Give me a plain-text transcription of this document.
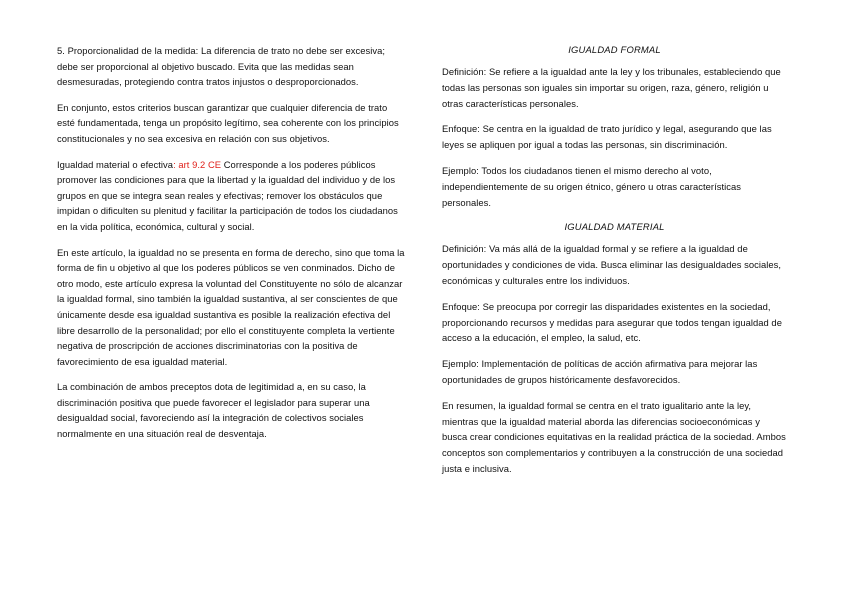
5. Proporcionalidad de la medida: La diferencia de trato no debe ser excesiva; debe ser proporcional al objetivo buscado. Evita que las medidas sean desmesuradas, protegiendo contra tratos injustos o desproporcionados.

En conjunto, estos criterios buscan garantizar que cualquier diferencia de trato esté fundamentada, tenga un propósito legítimo, sea coherente con los principios constitucionales y no sea excesiva en relación con sus objetivos.

Igualdad material o efectiva: art 9.2 CE Corresponde a los poderes públicos promover las condiciones para que la libertad y la igualdad del individuo y de los grupos en que se integra sean reales y efectivas; remover los obstáculos que impidan o dificulten su plenitud y facilitar la participación de todos los ciudadanos en la vida política, económica, cultural y social.

En este artículo, la igualdad no se presenta en forma de derecho, sino que toma la forma de fin u objetivo al que los poderes públicos se ven conminados. Dicho de otro modo, este artículo expresa la voluntad del Constituyente no sólo de alcanzar la igualdad formal, sino también la igualdad sustantiva, al ser conscientes de que únicamente desde esa igualdad sustantiva es posible la realización efectiva del libre desarrollo de la personalidad; por ello el constituyente completa la vertiente negativa de proscripción de acciones discriminatorias con la positiva de favorecimiento de esa igualdad material.

La combinación de ambos preceptos dota de legitimidad a, en su caso, la discriminación positiva que puede favorecer el legislador para superar una desigualdad social, favoreciendo así la integración de colectivos sociales normalmente en una situación real de desventaja.

IGUALDAD FORMAL

Definición: Se refiere a la igualdad ante la ley y los tribunales, estableciendo que todas las personas son iguales sin importar su origen, raza, género, religión u otras características personales.

Enfoque: Se centra en la igualdad de trato jurídico y legal, asegurando que las leyes se apliquen por igual a todas las personas, sin discriminación.

Ejemplo: Todos los ciudadanos tienen el mismo derecho al voto, independientemente de su origen étnico, género u otras características personales.

IGUALDAD MATERIAL

Definición: Va más allá de la igualdad formal y se refiere a la igualdad de oportunidades y condiciones de vida. Busca eliminar las desigualdades sociales, económicas y culturales entre los individuos.

Enfoque: Se preocupa por corregir las disparidades existentes en la sociedad, proporcionando recursos y medidas para asegurar que todos tengan igualdad de acceso a la educación, el empleo, la salud, etc.

Ejemplo: Implementación de políticas de acción afirmativa para mejorar las oportunidades de grupos históricamente desfavorecidos.

En resumen, la igualdad formal se centra en el trato igualitario ante la ley, mientras que la igualdad material aborda las diferencias socioeconómicas y busca crear condiciones equitativas en la realidad práctica de la sociedad. Ambos conceptos son complementarios y contribuyen a la construcción de una sociedad justa e inclusiva.
